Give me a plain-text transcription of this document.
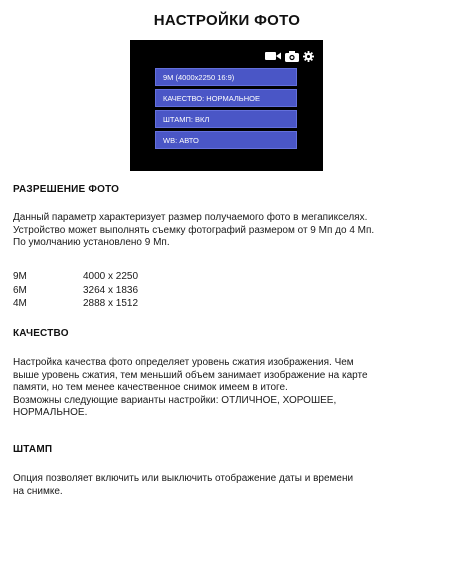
НАСТРОЙКИ ФОТО
9M (4000x2250 16:9)
КАЧЕСТВО: НОРМАЛЬНОЕ
ШТАМП: ВКЛ
WB: АВТО
РАЗРЕШЕНИЕ ФОТО

Данный параметр характеризует размер получаемого фото в мегапикселях.

Устройство может выполнять съемку фотографий размером от 9 Мп до 4 Мп.

По умолчанию установлено 9 Мп.

9М	4000 х 2250
6М	3264 х 1836
4М	2888 х 1512
КАЧЕСТВО

Настройка качества фото определяет уровень сжатия изображения. Чем

выше уровень сжатия, тем меньший объем занимает изображение на карте

памяти, но тем менее качественное снимок имеем в итоге.

Возможны следующие варианты настройки: ОТЛИЧНОЕ, ХОРОШЕЕ,

НОРМАЛЬНОЕ.

ШТАМП

Опция позволяет включить или выключить отображение даты и времени

на снимке.
